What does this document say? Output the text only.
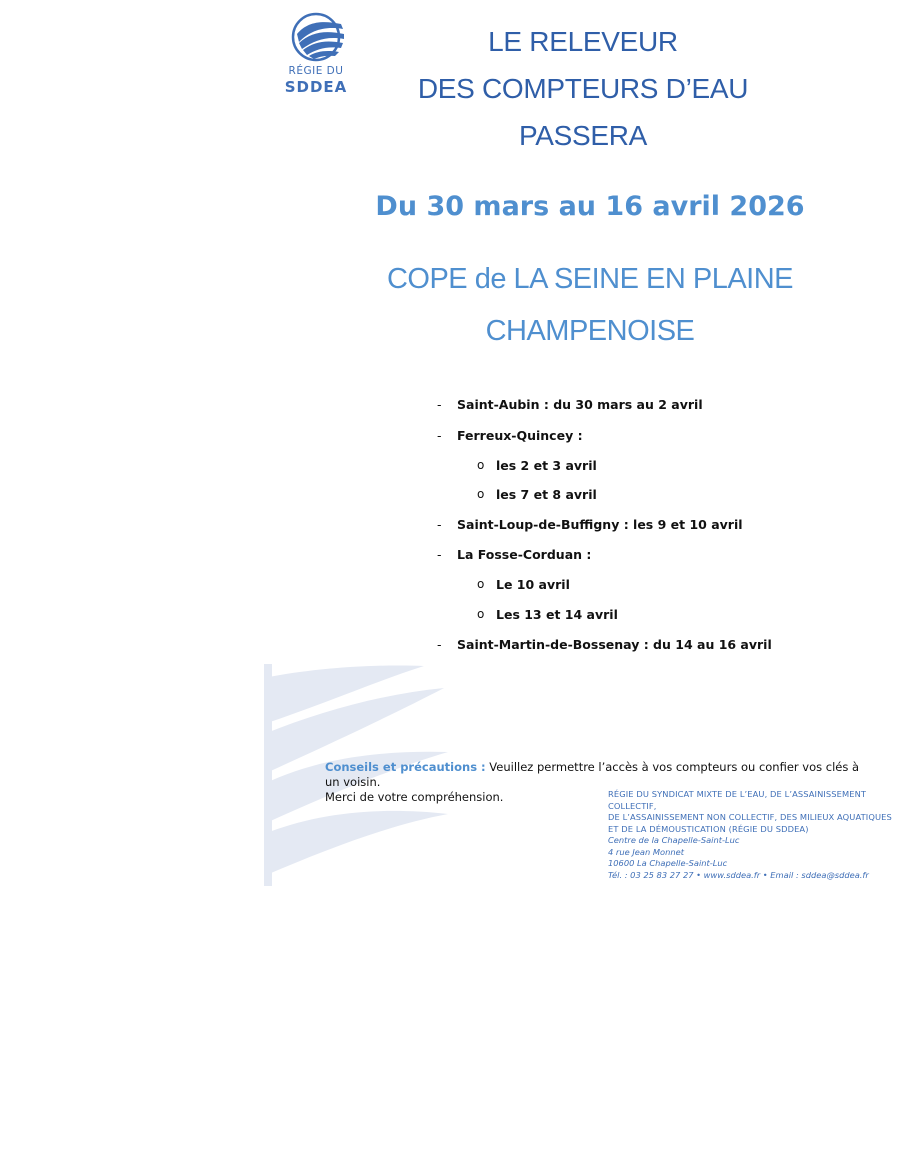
RÉGIE DU
SDDEA
LE RELEVEUR
DES COMPTEURS D’EAU
PASSERA
Du 30 mars au 16 avril 2026
COPE de LA SEINE EN PLAINE
CHAMPENOISE
- Saint-Aubin : du 30 mars au 2 avril
- Ferreux-Quincey :
o les 2 et 3 avril
o les 7 et 8 avril
- Saint-Loup-de-Buffigny : les 9 et 10 avril
- La Fosse-Corduan :
o Le 10 avril
o Les 13 et 14 avril
- Saint-Martin-de-Bossenay : du 14 au 16 avril
Conseils et précautions : Veuillez permettre l’accès à vos compteurs ou confier vos clés à un voisin.
Merci de votre compréhension.	RÉGIE DU SYNDICAT MIXTE DE L’EAU, DE L’ASSAINISSEMENT COLLECTIF,
DE L’ASSAINISSEMENT NON COLLECTIF, DES MILIEUX AQUATIQUES
ET DE LA DÉMOUSTICATION (RÉGIE DU SDDEA)
Centre de la Chapelle-Saint-Luc
4 rue Jean Monnet
10600 La Chapelle-Saint-Luc
Tél. : 03 25 83 27 27 • www.sddea.fr • Email : sddea@sddea.fr
